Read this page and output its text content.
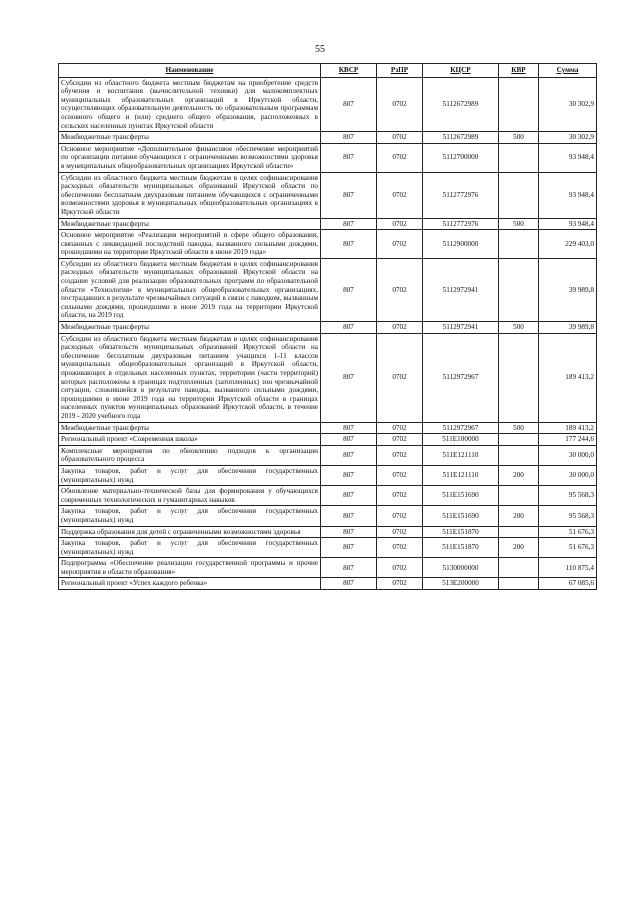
55
Наименование	КВСР	РзПР	КЦСР	КВР	Сумма
Субсидии из областного бюджета местным бюджетам на приобретение средств обучения и воспитания (вычислительной техники) для малокомплектных муниципальных образовательных организаций в Иркутской области, осуществляющих образовательную деятельность по образовательным программам основного общего и (или) среднего общего образования, расположенных в сельских населенных пунктах Иркутской области	807	0702	5112672989		30 302,9
Межбюджетные трансферты	807	0702	5112672989	500	30 302,9
Основное мероприятие «Дополнительное финансовое обеспечение мероприятий по организации питания обучающихся с ограниченными возможностями здоровья в муниципальных общеобразовательных организациях Иркутской области»	807	0702	5112700000		93 948,4
Субсидии из областного бюджета местным бюджетам в целях софинансирования расходных обязательств муниципальных образований Иркутской области по обеспечению бесплатным двухразовым питанием обучающихся с ограниченными возможностями здоровья в муниципальных общеобразовательных организациях в Иркутской области	807	0702	5112772976		93 948,4
Межбюджетные трансферты	807	0702	5112772976	500	93 948,4
Основное мероприятие «Реализация мероприятий в сфере общего образования, связанных с ликвидацией последствий паводка, вызванного сильными дождями, прошедшими на территории Иркутской области в июне 2019 года»	807	0702	5112900000		229 403,0
Субсидии из областного бюджета местным бюджетам в целях софинансирования расходных обязательств муниципальных образований Иркутской области на создание условий для реализации образовательных программ по образовательной области «Технология» в муниципальных общеобразовательных организациях, пострадавших в результате чрезвычайных ситуаций в связи с паводком, вызванным сильными дождями, прошедшими в июне 2019 года на территории Иркутской области, на 2019 год	807	0702	5112972941		39 989,8
Межбюджетные трансферты	807	0702	5112972941	500	39 989,8
Субсидии из областного бюджета местным бюджетам в целях софинансирования расходных обязательств муниципальных образований Иркутской области на обеспечение бесплатным двухразовым питанием учащихся 1-11 классов муниципальных общеобразовательных организаций в Иркутской области, проживающих в отдельных населенных пунктах, территории (части территорий) которых расположены в границах подтопленных (затопленных) зон чрезвычайной ситуации, сложившейся в результате паводка, вызванного сильными дождями, прошедшими в июне 2019 года на территории Иркутской области в границах населенных пунктов муниципальных образований Иркутской области, в течение 2019 - 2020 учебного года	807	0702	5112972967		189 413,2
Межбюджетные трансферты	807	0702	5112972967	500	189 413,2
Региональный проект «Современная школа»	807	0702	511E100000		177 244,6
Комплексные мероприятия по обновлению подходов к организации образовательного процесса	807	0702	511E121110		30 000,0
Закупка товаров, работ и услуг для обеспечения государственных (муниципальных) нужд	807	0702	511E121110	200	30 000,0
Обновление материально-технической базы для формирования у обучающихся современных технологических и гуманитарных навыков	807	0702	511E151690		95 568,3
Закупка товаров, работ и услуг для обеспечения государственных (муниципальных) нужд	807	0702	511E151690	200	95 568,3
Поддержка образования для детей с ограниченными возможностями здоровья	807	0702	511E151870		51 676,3
Закупка товаров, работ и услуг для обеспечения государственных (муниципальных) нужд	807	0702	511E151870	200	51 676,3
Подпрограмма «Обеспечение реализации государственной программы и прочие мероприятия в области образования»	807	0702	5130000000		110 875,4
Региональный проект «Успех каждого ребенка»	807	0702	513E200000		67 085,6
